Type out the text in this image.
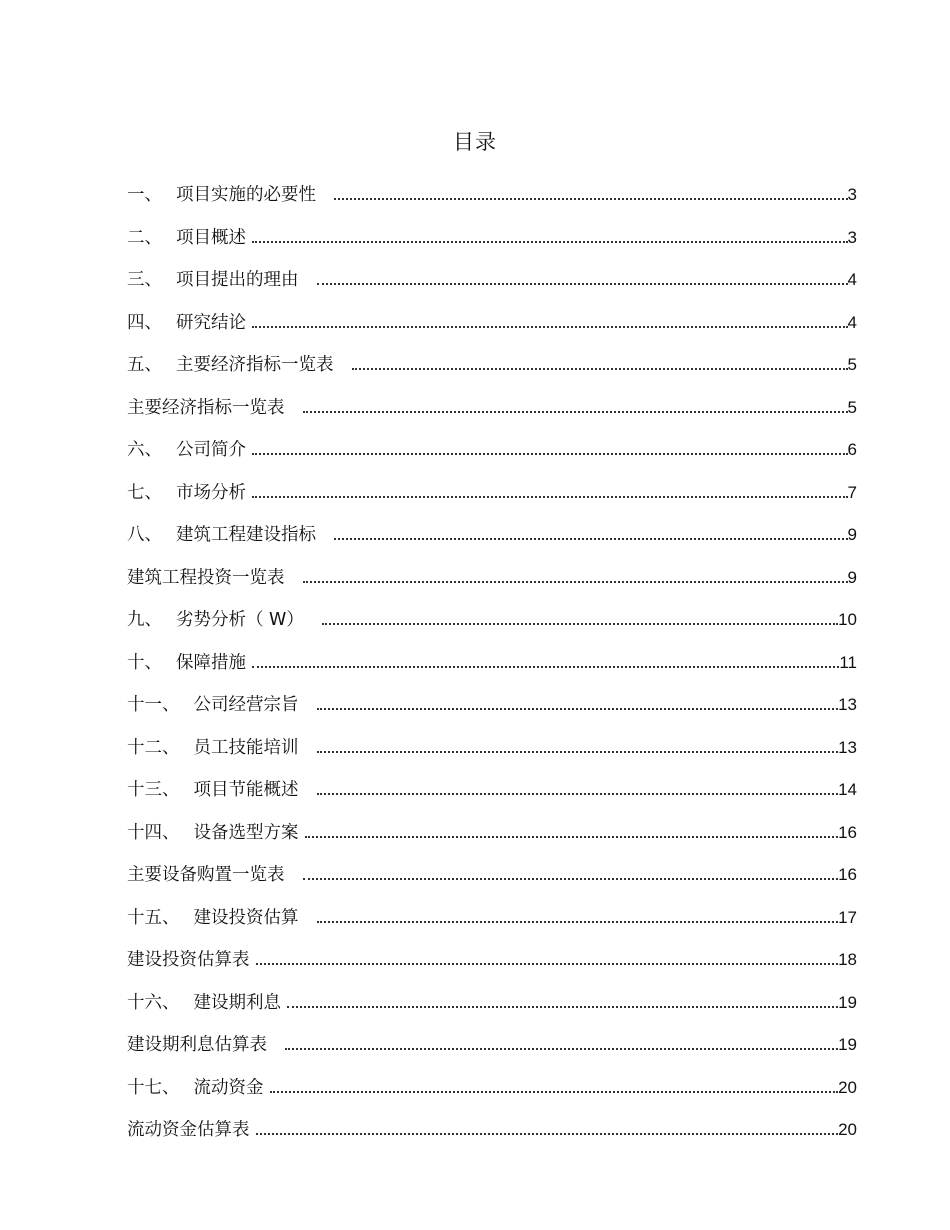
目录
一、 项目实施的必要性	3
二、 项目概述	3
三、 项目提出的理由	4
四、 研究结论	4
五、 主要经济指标一览表	5
主要经济指标一览表	5
六、 公司简介	6
七、 市场分析	7
八、 建筑工程建设指标	9
建筑工程投资一览表	9
九、 劣势分析（ W）	10
十、 保障措施	11
十一、 公司经营宗旨	13
十二、 员工技能培训	13
十三、 项目节能概述	14
十四、 设备选型方案	16
主要设备购置一览表	16
十五、 建设投资估算	17
建设投资估算表	18
十六、 建设期利息	19
建设期利息估算表	19
十七、 流动资金	20
流动资金估算表	20
